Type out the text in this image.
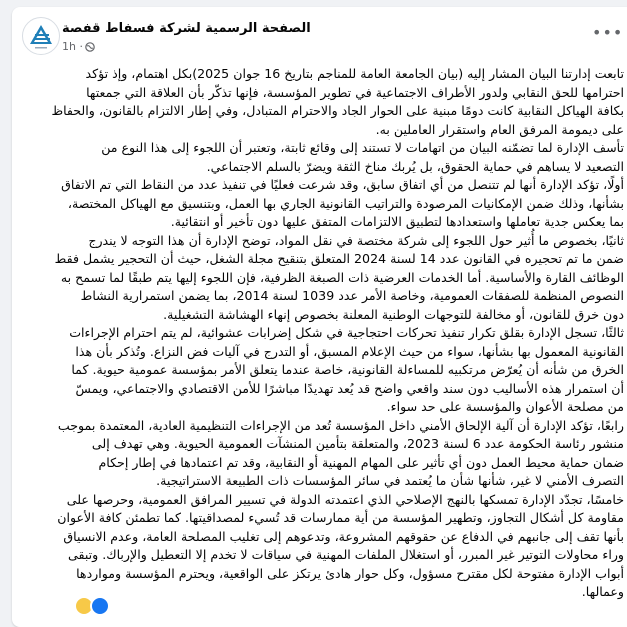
الصفحة الرسمية لشركة فسفاط قفصة
1h ·
•••
تابعت إدارتنا البيان المشار إليه (بيان الجامعة العامة للمناجم بتاريخ 16 جوان 2025)بكل اهتمام، وإذ تؤكد
احترامها للحق النقابي ولدور الأطراف الاجتماعية في تطوير المؤسسة، فإنها تذكّر بأن العلاقة التي جمعتها
بكافة الهياكل النقابية كانت دومًا مبنية على الحوار الجاد والاحترام المتبادل، وفي إطار الالتزام بالقانون، والحفاظ
على ديمومة المرفق العام واستقرار العاملين به.
تأسف الإدارة لما تضمّنه البيان من اتهامات لا تستند إلى وقائع ثابتة، وتعتبر أن اللجوء إلى هذا النوع من
التصعيد لا يساهم في حماية الحقوق، بل يُربك مناخ الثقة ويضرّ بالسلم الاجتماعي.
أولًا، تؤكد الإدارة أنها لم تتنصل من أي اتفاق سابق، وقد شرعت فعليًا في تنفيذ عدد من النقاط التي تم الاتفاق
بشأنها، وذلك ضمن الإمكانيات المرصودة والتراتيب القانونية الجاري بها العمل، وبتنسيق مع الهياكل المختصة،
بما يعكس جدية تعاملها واستعدادها لتطبيق الالتزامات المتفق عليها دون تأخير أو انتقائية.
ثانيًا، بخصوص ما أُثير حول اللجوء إلى شركة مختصة في نقل المواد، توضح الإدارة أن هذا التوجه لا يندرج
ضمن ما تم تحجيره في القانون عدد 14 لسنة 2024 المتعلق بتنقيح مجلة الشغل، حيث أن التحجير يشمل فقط
الوظائف القارة والأساسية. أما الخدمات العرضية ذات الصبغة الظرفية، فإن اللجوء إليها يتم طبقًا لما تسمح به
النصوص المنظمة للصفقات العمومية، وخاصة الأمر عدد 1039 لسنة 2014، بما يضمن استمرارية النشاط
دون خرق للقانون، أو مخالفة للتوجهات الوطنية المعلنة بخصوص إنهاء الهشاشة التشغيلية.
ثالثًا، تسجل الإدارة بقلق تكرار تنفيذ تحركات احتجاجية في شكل إضرابات عشوائية، لم يتم احترام الإجراءات
القانونية المعمول بها بشأنها، سواء من حيث الإعلام المسبق، أو التدرج في آليات فض النزاع. وتُذكر بأن هذا
الخرق من شأنه أن يُعرّض مرتكبيه للمساءلة القانونية، خاصة عندما يتعلق الأمر بمؤسسة عمومية حيوية. كما
أن استمرار هذه الأساليب دون سند واقعي واضح قد يُعد تهديدًا مباشرًا للأمن الاقتصادي والاجتماعي، ويمسّ
من مصلحة الأعوان والمؤسسة على حد سواء.
رابعًا، تؤكد الإدارة أن آلية الإلحاق الأمني داخل المؤسسة تُعد من الإجراءات التنظيمية العادية، المعتمدة بموجب
منشور رئاسة الحكومة عدد 6 لسنة 2023، والمتعلقة بتأمين المنشآت العمومية الحيوية. وهي تهدف إلى
ضمان حماية محيط العمل دون أي تأثير على المهام المهنية أو النقابية، وقد تم اعتمادها في إطار إحكام
التصرف الأمني لا غير، شأنها شأن ما يُعتمد في سائر المؤسسات ذات الطبيعة الاستراتيجية.
خامسًا، تجدّد الإدارة تمسكها بالنهج الإصلاحي الذي اعتمدته الدولة في تسيير المرافق العمومية، وحرصها على
مقاومة كل أشكال التجاوز، وتطهير المؤسسة من أية ممارسات قد تُسيء لمصداقيتها. كما تطمئن كافة الأعوان
بأنها تقف إلى جانبهم في الدفاع عن حقوقهم المشروعة، وتدعوهم إلى تغليب المصلحة العامة، وعدم الانسياق
وراء محاولات التوتير غير المبرر، أو استغلال الملفات المهنية في سياقات لا تخدم إلا التعطيل والإرباك. وتبقى
أبواب الإدارة مفتوحة لكل مقترح مسؤول، وكل حوار هادئ يرتكز على الواقعية، ويحترم المؤسسة ومواردها
وعمالها.
